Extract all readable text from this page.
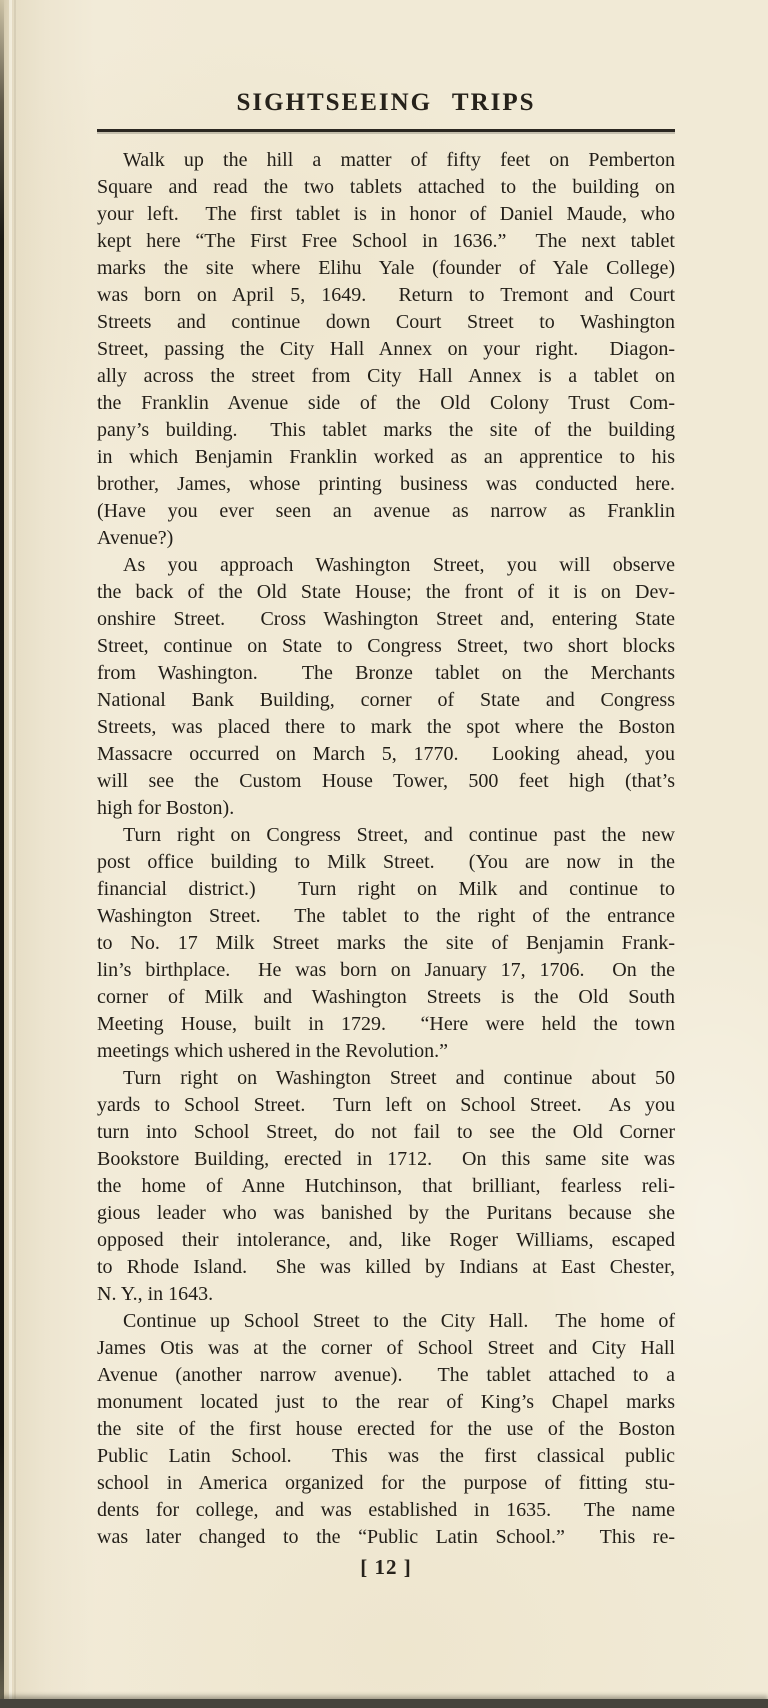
SIGHTSEEING TRIPS

Walk up the hill a matter of fifty feet on Pemberton
Square and read the two tablets attached to the building on
your left.  The first tablet is in honor of Daniel Maude, who
kept here “The First Free School in 1636.”  The next tablet
marks the site where Elihu Yale (founder of Yale College)
was born on April 5, 1649.  Return to Tremont and Court
Streets and continue down Court Street to Washington
Street, passing the City Hall Annex on your right.  Diagon-
ally across the street from City Hall Annex is a tablet on
the Franklin Avenue side of the Old Colony Trust Com-
pany’s building.  This tablet marks the site of the building
in which Benjamin Franklin worked as an apprentice to his
brother, James, whose printing business was conducted here.
(Have you ever seen an avenue as narrow as Franklin
Avenue?)

As you approach Washington Street, you will observe
the back of the Old State House; the front of it is on Dev-
onshire Street.  Cross Washington Street and, entering State
Street, continue on State to Congress Street, two short blocks
from Washington.  The Bronze tablet on the Merchants
National Bank Building, corner of State and Congress
Streets, was placed there to mark the spot where the Boston
Massacre occurred on March 5, 1770.  Looking ahead, you
will see the Custom House Tower, 500 feet high (that’s
high for Boston).

Turn right on Congress Street, and continue past the new
post office building to Milk Street.  (You are now in the
financial district.)  Turn right on Milk and continue to
Washington Street.  The tablet to the right of the entrance
to No. 17 Milk Street marks the site of Benjamin Frank-
lin’s birthplace.  He was born on January 17, 1706.  On the
corner of Milk and Washington Streets is the Old South
Meeting House, built in 1729.  “Here were held the town
meetings which ushered in the Revolution.”

Turn right on Washington Street and continue about 50
yards to School Street.  Turn left on School Street.  As you
turn into School Street, do not fail to see the Old Corner
Bookstore Building, erected in 1712.  On this same site was
the home of Anne Hutchinson, that brilliant, fearless reli-
gious leader who was banished by the Puritans because she
opposed their intolerance, and, like Roger Williams, escaped
to Rhode Island.  She was killed by Indians at East Chester,
N. Y., in 1643.

Continue up School Street to the City Hall.  The home of
James Otis was at the corner of School Street and City Hall
Avenue (another narrow avenue).  The tablet attached to a
monument located just to the rear of King’s Chapel marks
the site of the first house erected for the use of the Boston
Public Latin School.  This was the first classical public
school in America organized for the purpose of fitting stu-
dents for college, and was established in 1635.  The name
was later changed to the “Public Latin School.”  This re-

[ 12 ]
